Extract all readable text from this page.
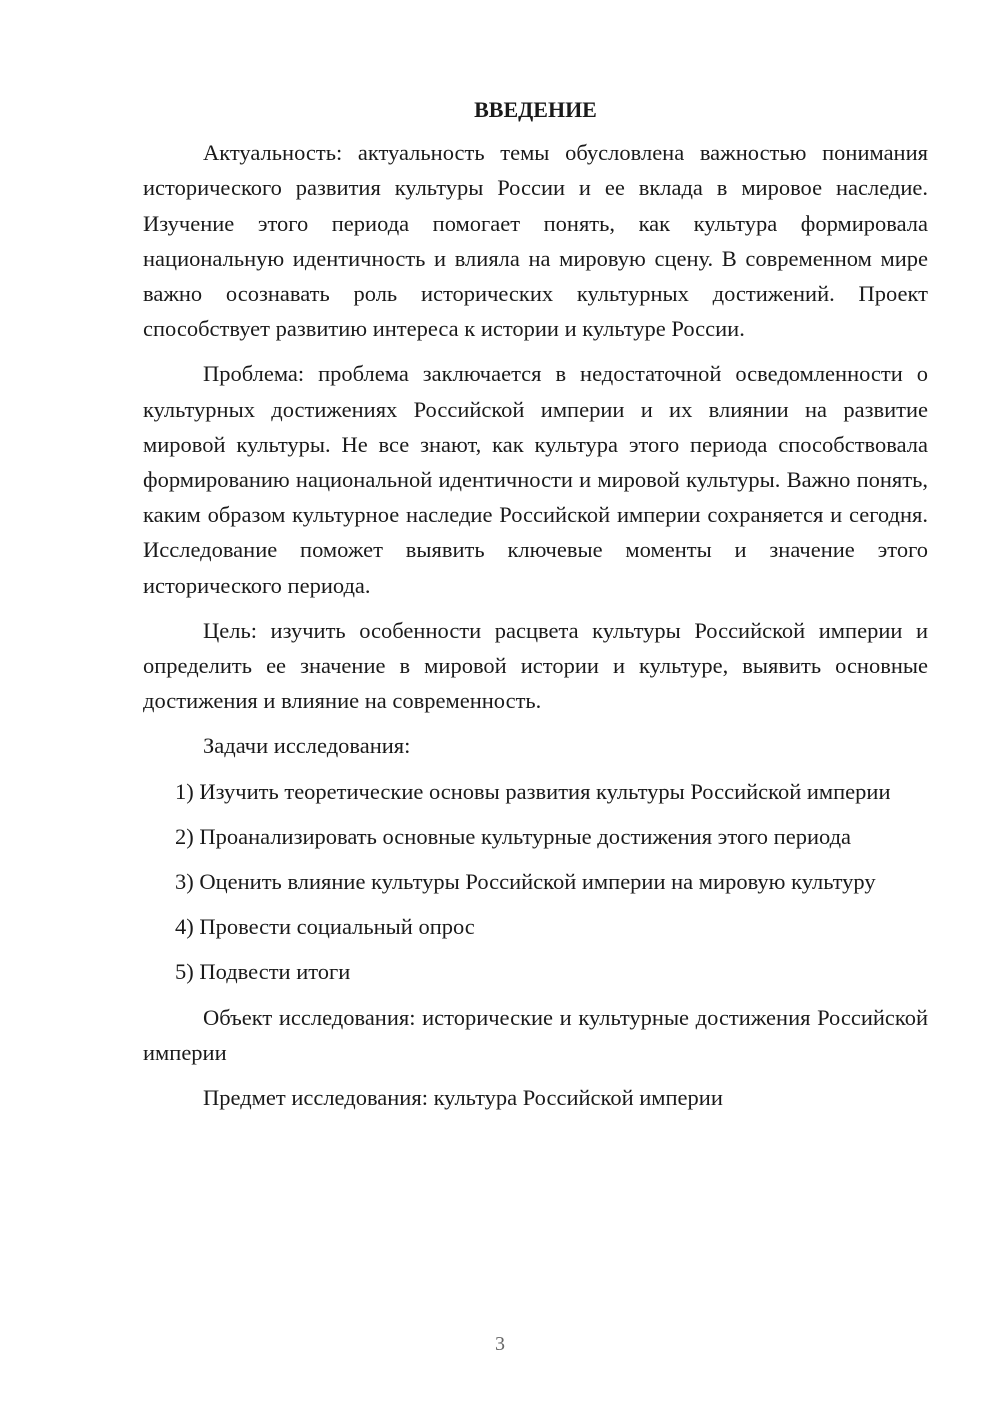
ВВЕДЕНИЕ

Актуальность: актуальность темы обусловлена важностью понимания исторического развития культуры России и ее вклада в мировое наследие. Изучение этого периода помогает понять, как культура формировала национальную идентичность и влияла на мировую сцену. В современном мире важно осознавать роль исторических культурных достижений. Проект способствует развитию интереса к истории и культуре России.

Проблема: проблема заключается в недостаточной осведомленности о культурных достижениях Российской империи и их влиянии на развитие мировой культуры. Не все знают, как культура этого периода способствовала формированию национальной идентичности и мировой культуры. Важно понять, каким образом культурное наследие Российской империи сохраняется и сегодня. Исследование поможет выявить ключевые моменты и значение этого исторического периода.

Цель: изучить особенности расцвета культуры Российской империи и определить ее значение в мировой истории и культуре, выявить основные достижения и влияние на современность.

Задачи исследования:

1) Изучить теоретические основы развития культуры Российской империи

2) Проанализировать основные культурные достижения этого периода

3) Оценить влияние культуры Российской империи на мировую культуру

4) Провести социальный опрос

5) Подвести итоги

Объект исследования: исторические и культурные достижения Российской империи

Предмет исследования: культура Российской империи

3
